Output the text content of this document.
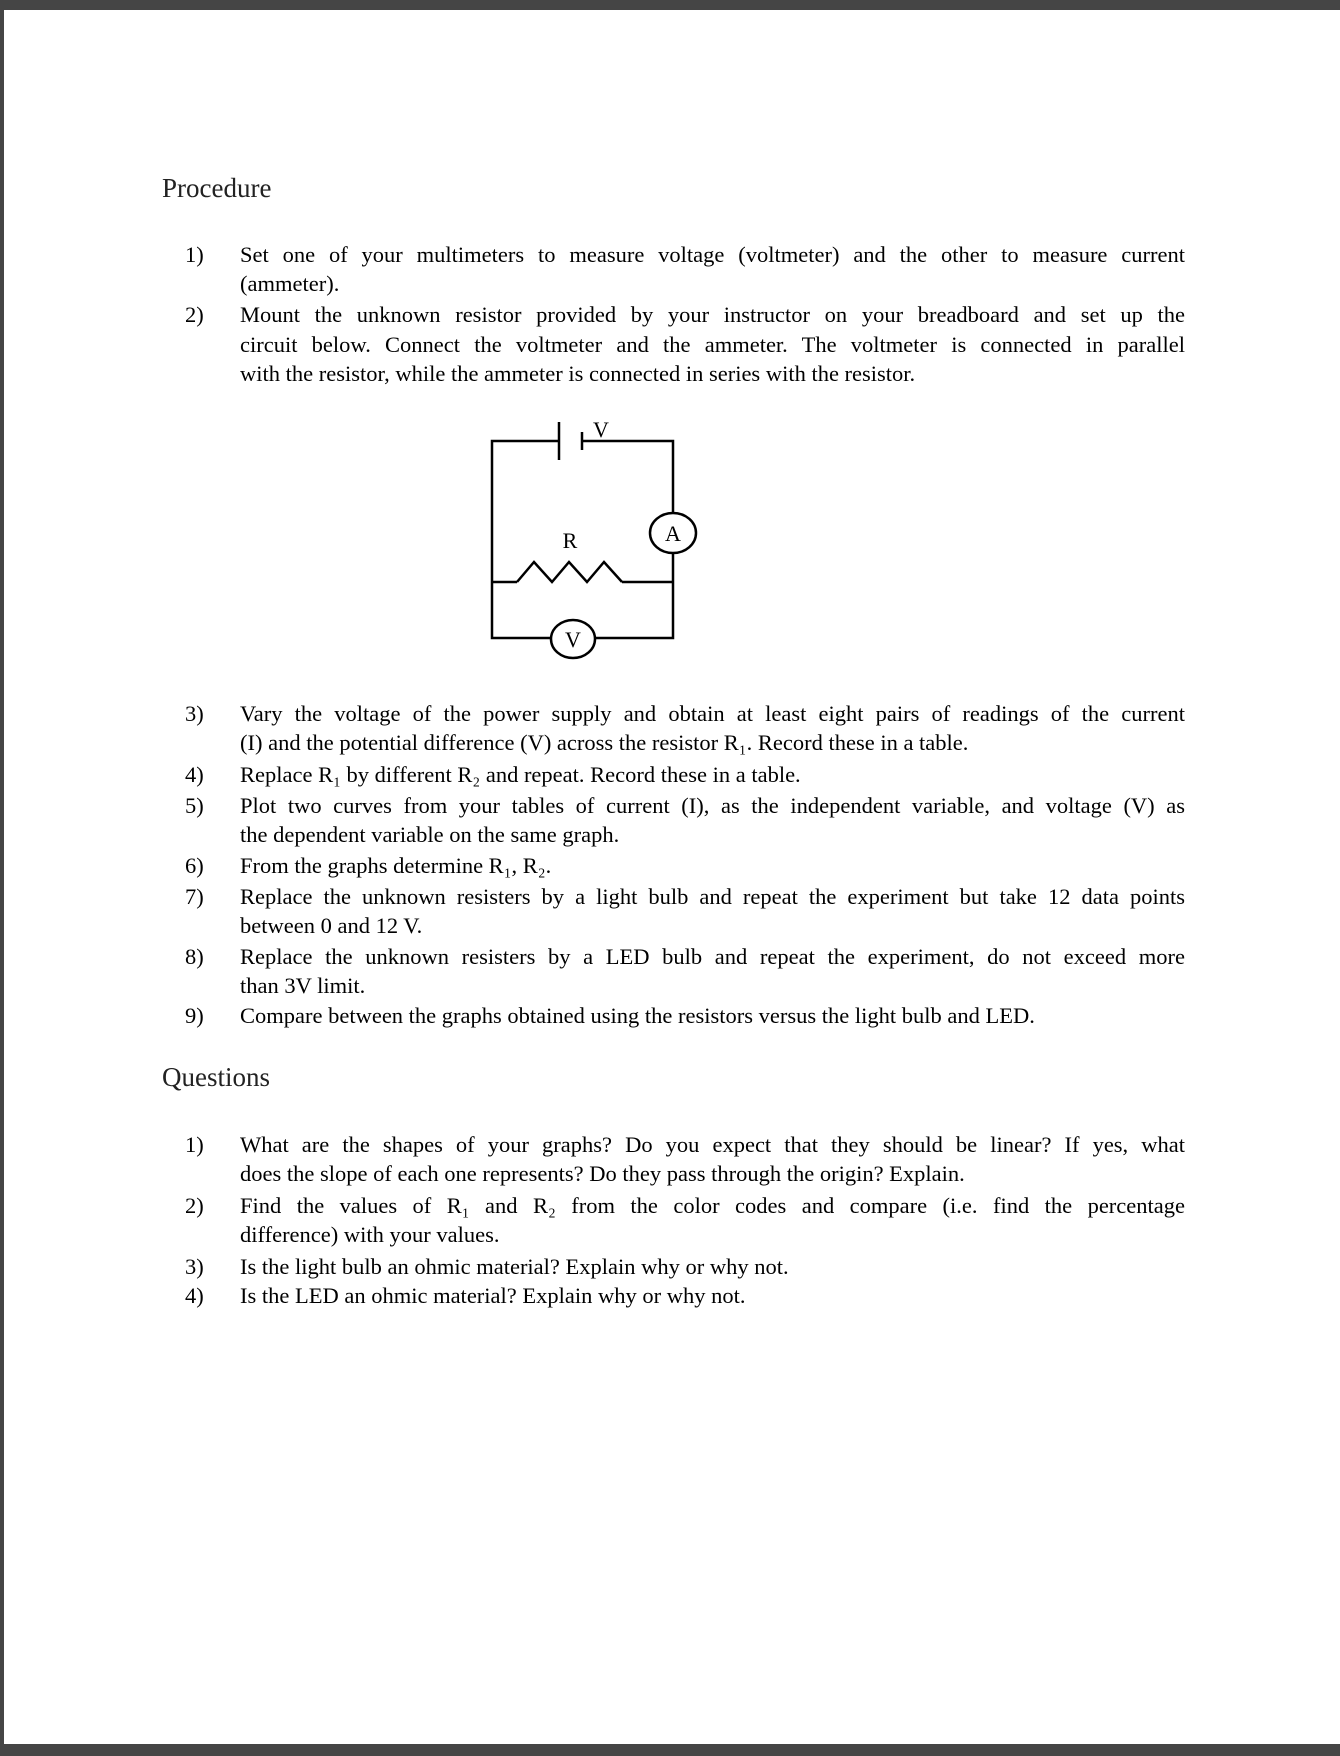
Procedure
1) Set one of your multimeters to measure voltage (voltmeter) and the other to measure current
(ammeter).
2) Mount the unknown resistor provided by your instructor on your breadboard and set up the
circuit below. Connect the voltmeter and the ammeter. The voltmeter is connected in parallel
with the resistor, while the ammeter is connected in series with the resistor.
3) Vary the voltage of the power supply and obtain at least eight pairs of readings of the current
(I) and the potential difference (V) across the resistor R₁. Record these in a table.
4) Replace R₁ by different R₂ and repeat. Record these in a table.
5) Plot two curves from your tables of current (I), as the independent variable, and voltage (V) as
the dependent variable on the same graph.
6) From the graphs determine R₁, R₂.
7) Replace the unknown resisters by a light bulb and repeat the experiment but take 12 data points
between 0 and 12 V.
8) Replace the unknown resisters by a LED bulb and repeat the experiment, do not exceed more
than 3V limit.
9) Compare between the graphs obtained using the resistors versus the light bulb and LED.
V
R	A
V
Questions
1) What are the shapes of your graphs? Do you expect that they should be linear? If yes, what
does the slope of each one represents? Do they pass through the origin? Explain.
2) Find the values of R₁ and R₂ from the color codes and compare (i.e. find the percentage
difference) with your values.
3) Is the light bulb an ohmic material? Explain why or why not.
4) Is the LED an ohmic material? Explain why or why not.
